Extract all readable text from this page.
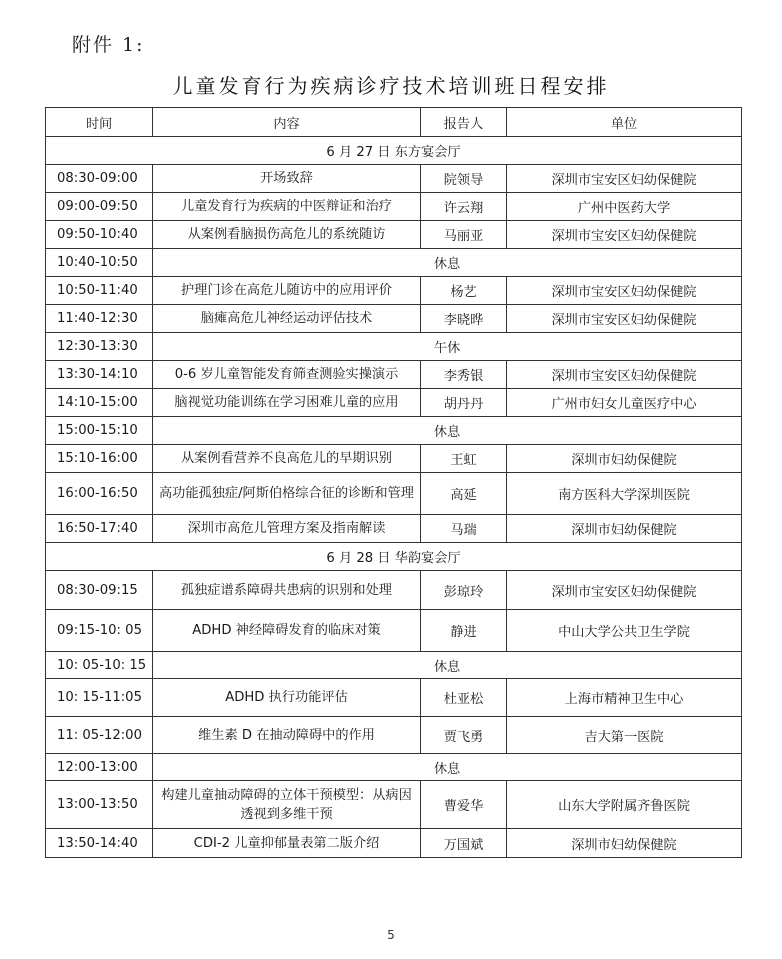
附件 1:
儿童发育行为疾病诊疗技术培训班日程安排
时间	内容	报告人	单位
6 月 27 日 东方宴会厅			
08:30-09:00	开场致辞	院领导	深圳市宝安区妇幼保健院
09:00-09:50	儿童发育行为疾病的中医辩证和治疗	许云翔	广州中医药大学
09:50-10:40	从案例看脑损伤高危儿的系统随访	马丽亚	深圳市宝安区妇幼保健院
10:40-10:50	休息		
10:50-11:40	护理门诊在高危儿随访中的应用评价	杨艺	深圳市宝安区妇幼保健院
11:40-12:30	脑瘫高危儿神经运动评估技术	李晓晔	深圳市宝安区妇幼保健院
12:30-13:30	午休		
13:30-14:10	0-6 岁儿童智能发育筛查测验实操演示	李秀银	深圳市宝安区妇幼保健院
14:10-15:00	脑视觉功能训练在学习困难儿童的应用	胡丹丹	广州市妇女儿童医疗中心
15:00-15:10	休息		
15:10-16:00	从案例看营养不良高危儿的早期识别	王虹	深圳市妇幼保健院
16:00-16:50	高功能孤独症/阿斯伯格综合征的诊断和管理	高延	南方医科大学深圳医院
16:50-17:40	深圳市高危儿管理方案及指南解读	马瑞	深圳市妇幼保健院
6 月 28 日 华韵宴会厅			
08:30-09:15	孤独症谱系障碍共患病的识别和处理	彭琼玲	深圳市宝安区妇幼保健院
09:15-10: 05	ADHD 神经障碍发育的临床对策	静进	中山大学公共卫生学院
10: 05-10: 15	休息		
10: 15-11:05	ADHD 执行功能评估	杜亚松	上海市精神卫生中心
11: 05-12:00	维生素 D 在抽动障碍中的作用	贾飞勇	吉大第一医院
12:00-13:00	休息		
13:00-13:50	构建儿童抽动障碍的立体干预模型：从病因透视到多维干预	曹爱华	山东大学附属齐鲁医院
13:50-14:40	CDI-2 儿童抑郁量表第二版介绍	万国斌	深圳市妇幼保健院
5
